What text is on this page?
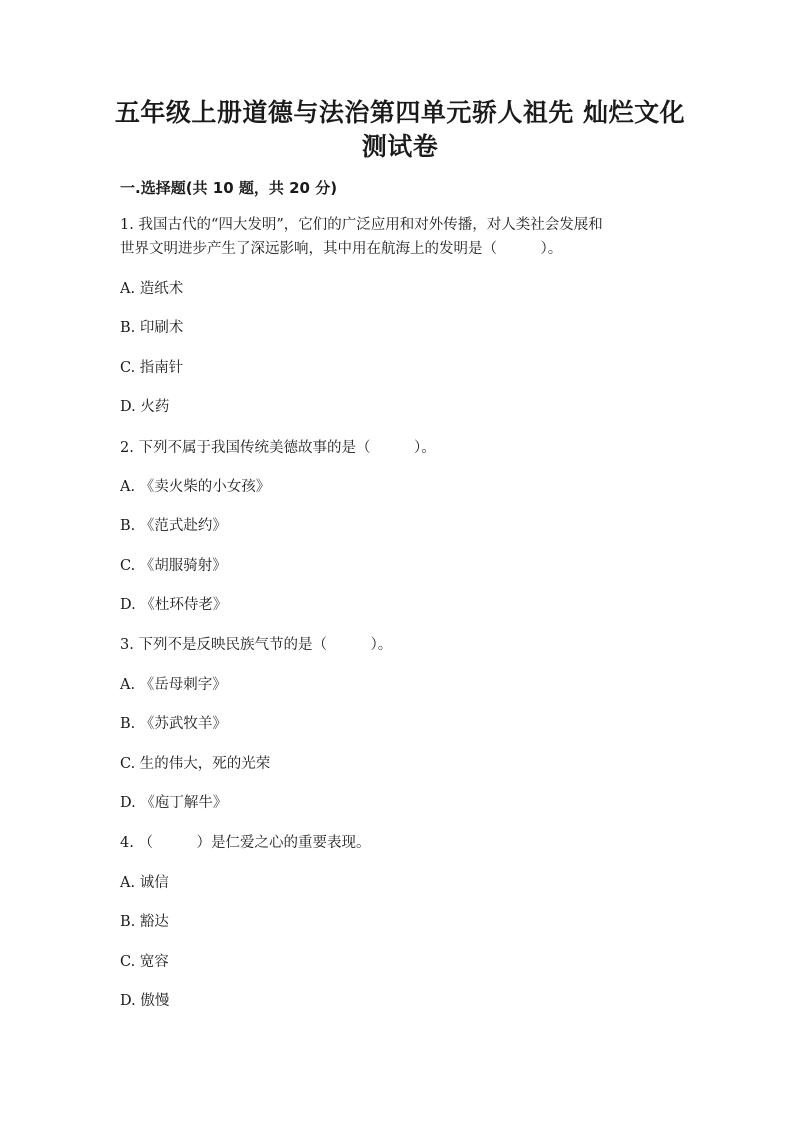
五年级上册道德与法治第四单元骄人祖先 灿烂文化
测试卷
一.选择题(共 10 题，共 20 分)
1. 我国古代的“四大发明”，它们的广泛应用和对外传播，对人类社会发展和
世界文明进步产生了深远影响，其中用在航海上的发明是（　　　）。
A. 造纸术
B. 印刷术
C. 指南针
D. 火药
2. 下列不属于我国传统美德故事的是（　　　）。
A. 《卖火柴的小女孩》
B. 《范式赴约》
C. 《胡服骑射》
D. 《杜环侍老》
3. 下列不是反映民族气节的是（　　　）。
A. 《岳母刺字》
B. 《苏武牧羊》
C. 生的伟大，死的光荣
D. 《庖丁解牛》
4. （　　　）是仁爱之心的重要表现。
A. 诚信
B. 豁达
C. 宽容
D. 傲慢
